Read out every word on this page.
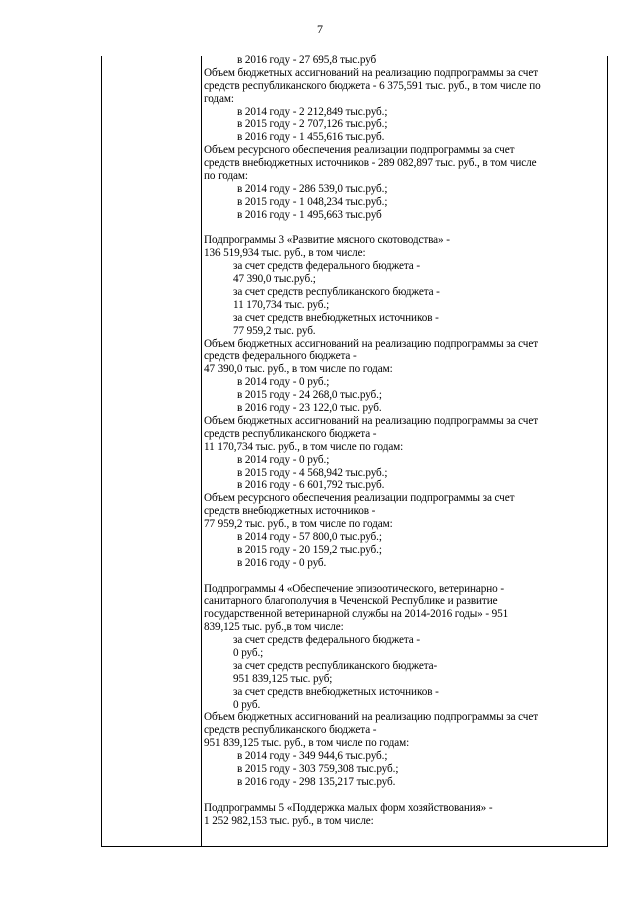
7
в 2016 году - 27 695,8 тыс.руб
Объем бюджетных ассигнований на реализацию подпрограммы за счет
средств республиканского бюджета - 6 375,591 тыс. руб., в том числе по
годам:
в 2014 году - 2 212,849 тыс.руб.;
в 2015 году - 2 707,126 тыс.руб.;
в 2016 году - 1 455,616 тыс.руб.
Объем ресурсного обеспечения реализации подпрограммы за счет
средств внебюджетных источников - 289 082,897 тыс. руб., в том числе
по годам:
в 2014 году - 286 539,0 тыс.руб.;
в 2015 году - 1 048,234 тыс.руб.;
в 2016 году - 1 495,663 тыс.руб
Подпрограммы 3 «Развитие мясного скотоводства» -
136 519,934 тыс. руб., в том числе:
за счет средств федерального бюджета -
47 390,0 тыс.руб.;
за счет средств республиканского бюджета -
11 170,734 тыс. руб.;
за счет средств внебюджетных источников -
77 959,2 тыс. руб.
Объем бюджетных ассигнований на реализацию подпрограммы за счет
средств федерального бюджета -
47 390,0 тыс. руб., в том числе по годам:
в 2014 году - 0 руб.;
в 2015 году - 24 268,0 тыс.руб.;
в 2016 году - 23 122,0 тыс. руб.
Объем бюджетных ассигнований на реализацию подпрограммы за счет
средств республиканского бюджета -
11 170,734 тыс. руб., в том числе по годам:
в 2014 году - 0 руб.;
в 2015 году - 4 568,942 тыс.руб.;
в 2016 году - 6 601,792 тыс.руб.
Объем ресурсного обеспечения реализации подпрограммы за счет
средств внебюджетных источников -
77 959,2 тыс. руб., в том числе по годам:
в 2014 году - 57 800,0 тыс.руб.;
в 2015 году - 20 159,2 тыс.руб.;
в 2016 году - 0 руб.
Подпрограммы 4 «Обеспечение эпизоотического, ветеринарно -
санитарного благополучия в Чеченской Республике и развитие
государственной ветеринарной службы на 2014-2016 годы» - 951
839,125 тыс. руб.,в том числе:
за счет средств федерального бюджета -
0 руб.;
за счет средств республиканского бюджета-
951 839,125 тыс. руб;
за счет средств внебюджетных источников -
0 руб.
Объем бюджетных ассигнований на реализацию подпрограммы за счет
средств республиканского бюджета -
951 839,125 тыс. руб., в том числе по годам:
в 2014 году - 349 944,6 тыс.руб.;
в 2015 году - 303 759,308 тыс.руб.;
в 2016 году - 298 135,217 тыс.руб.
Подпрограммы 5 «Поддержка малых форм хозяйствования» -
1 252 982,153 тыс. руб., в том числе:
